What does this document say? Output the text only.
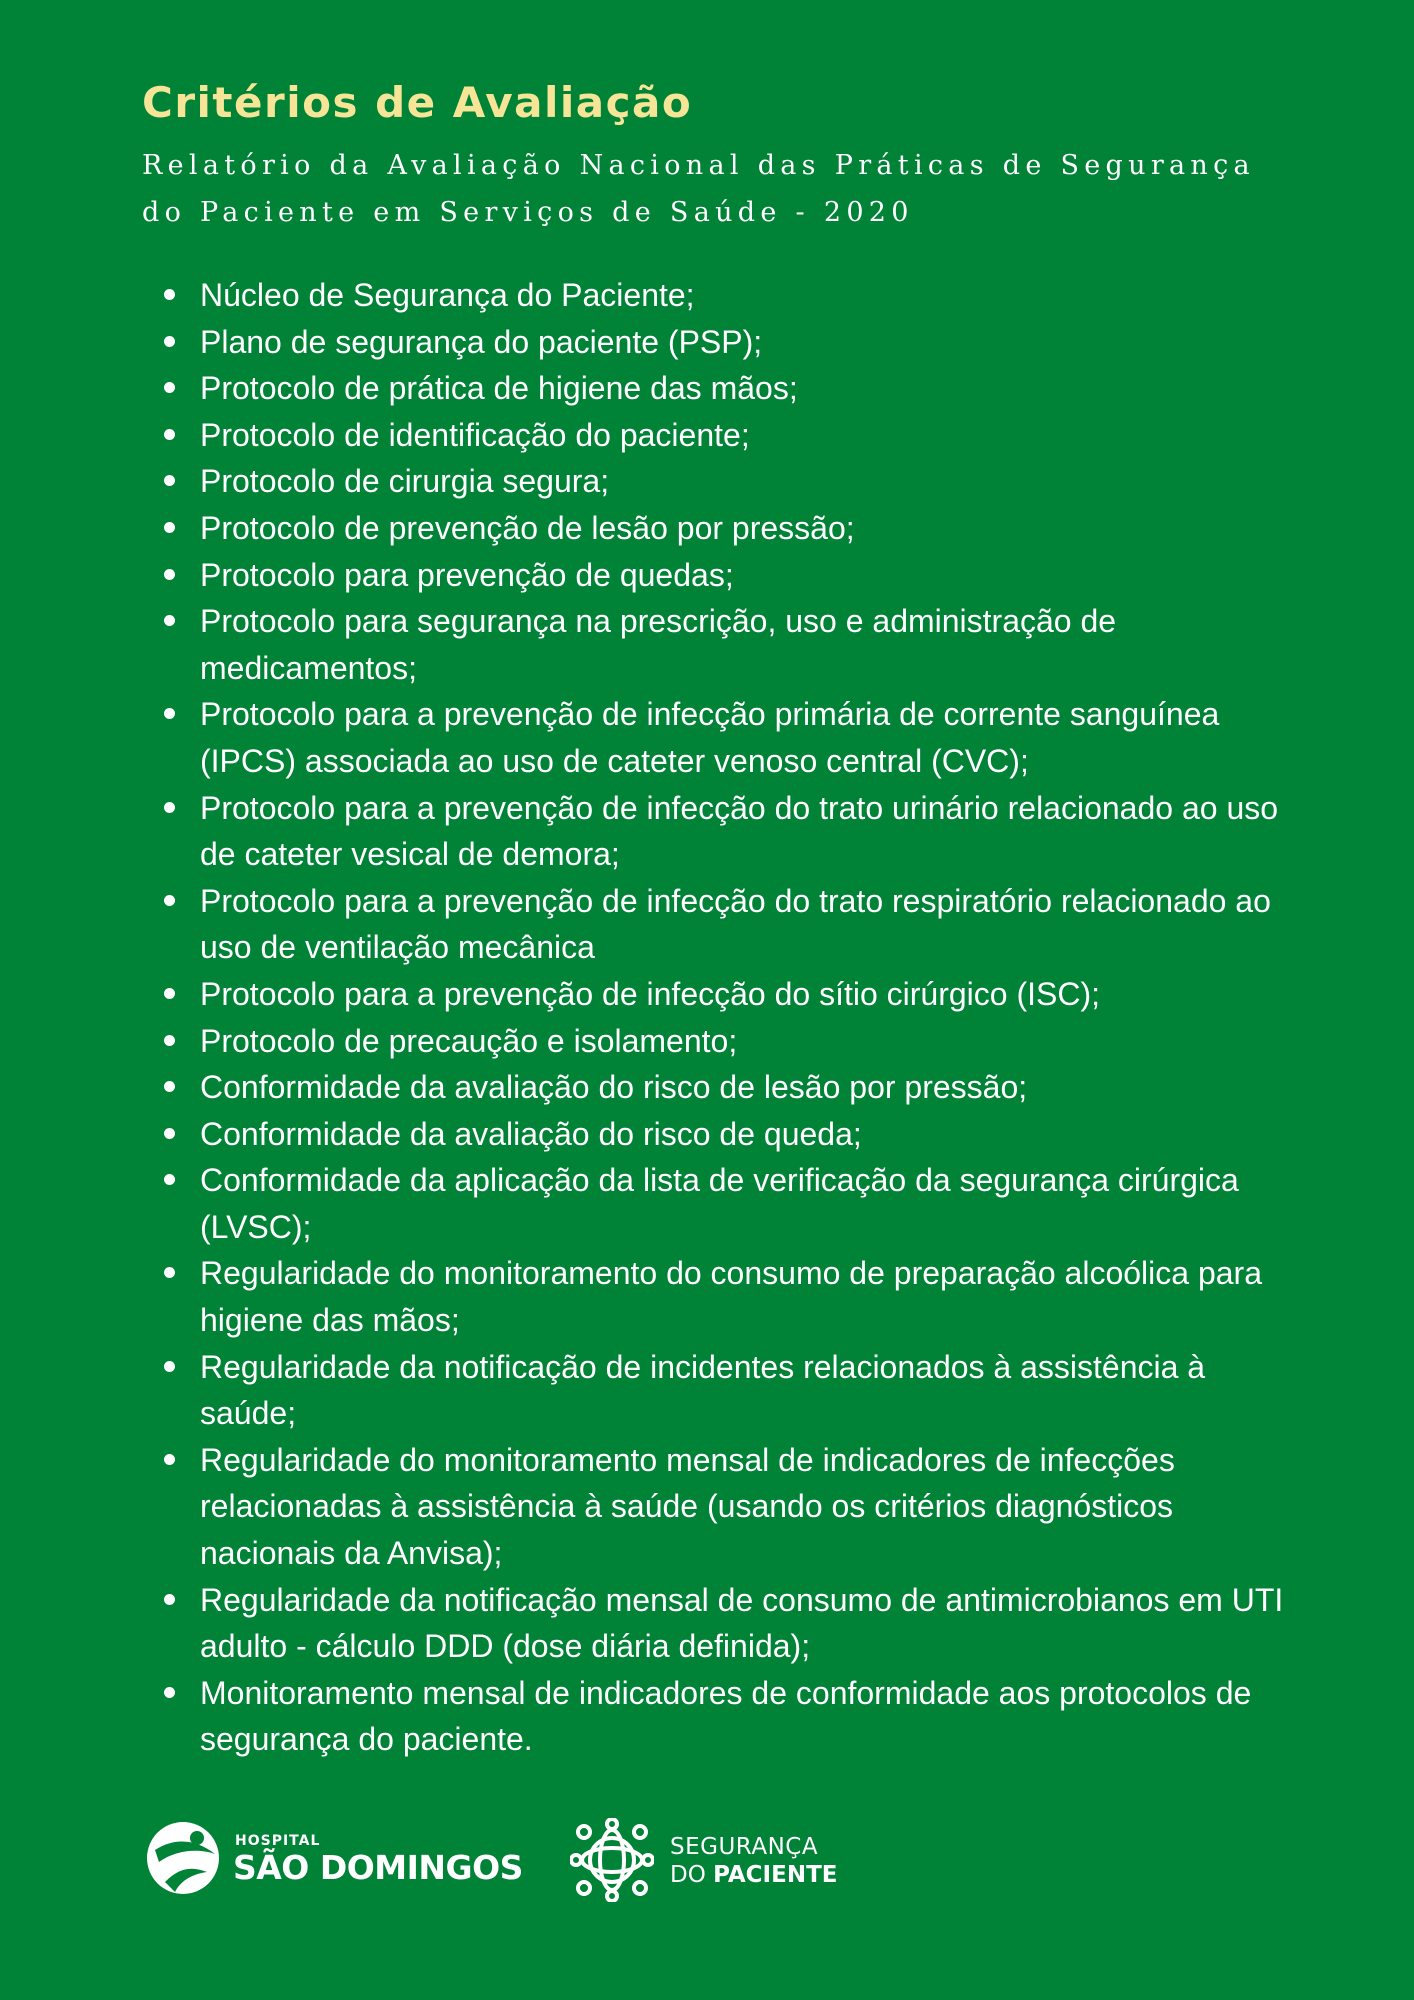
Critérios de Avaliação
Relatório da Avaliação Nacional das Práticas de Segurança
do Paciente em Serviços de Saúde - 2020
Núcleo de Segurança do Paciente;
Plano de segurança do paciente (PSP);
Protocolo de prática de higiene das mãos;
Protocolo de identificação do paciente;
Protocolo de cirurgia segura;
Protocolo de prevenção de lesão por pressão;
Protocolo para prevenção de quedas;
Protocolo para segurança na prescrição, uso e administração de medicamentos;
Protocolo para a prevenção de infecção primária de corrente sanguínea (IPCS) associada ao uso de cateter venoso central (CVC);
Protocolo para a prevenção de infecção do trato urinário relacionado ao uso de cateter vesical de demora;
Protocolo para a prevenção de infecção do trato respiratório relacionado ao uso de ventilação mecânica
Protocolo para a prevenção de infecção do sítio cirúrgico (ISC);
Protocolo de precaução e isolamento;
Conformidade da avaliação do risco de lesão por pressão;
Conformidade da avaliação do risco de queda;
Conformidade da aplicação da lista de verificação da segurança cirúrgica (LVSC);
Regularidade do monitoramento do consumo de preparação alcoólica para higiene das mãos;
Regularidade da notificação de incidentes relacionados à assistência à saúde;
Regularidade do monitoramento mensal de indicadores de infecções relacionadas à assistência à saúde (usando os critérios diagnósticos nacionais da Anvisa);
Regularidade da notificação mensal de consumo de antimicrobianos em UTI adulto - cálculo DDD (dose diária definida);
Monitoramento mensal de indicadores de conformidade aos protocolos de segurança do paciente.
HOSPITAL
SÃO DOMINGOS
SEGURANÇA
DO PACIENTE
